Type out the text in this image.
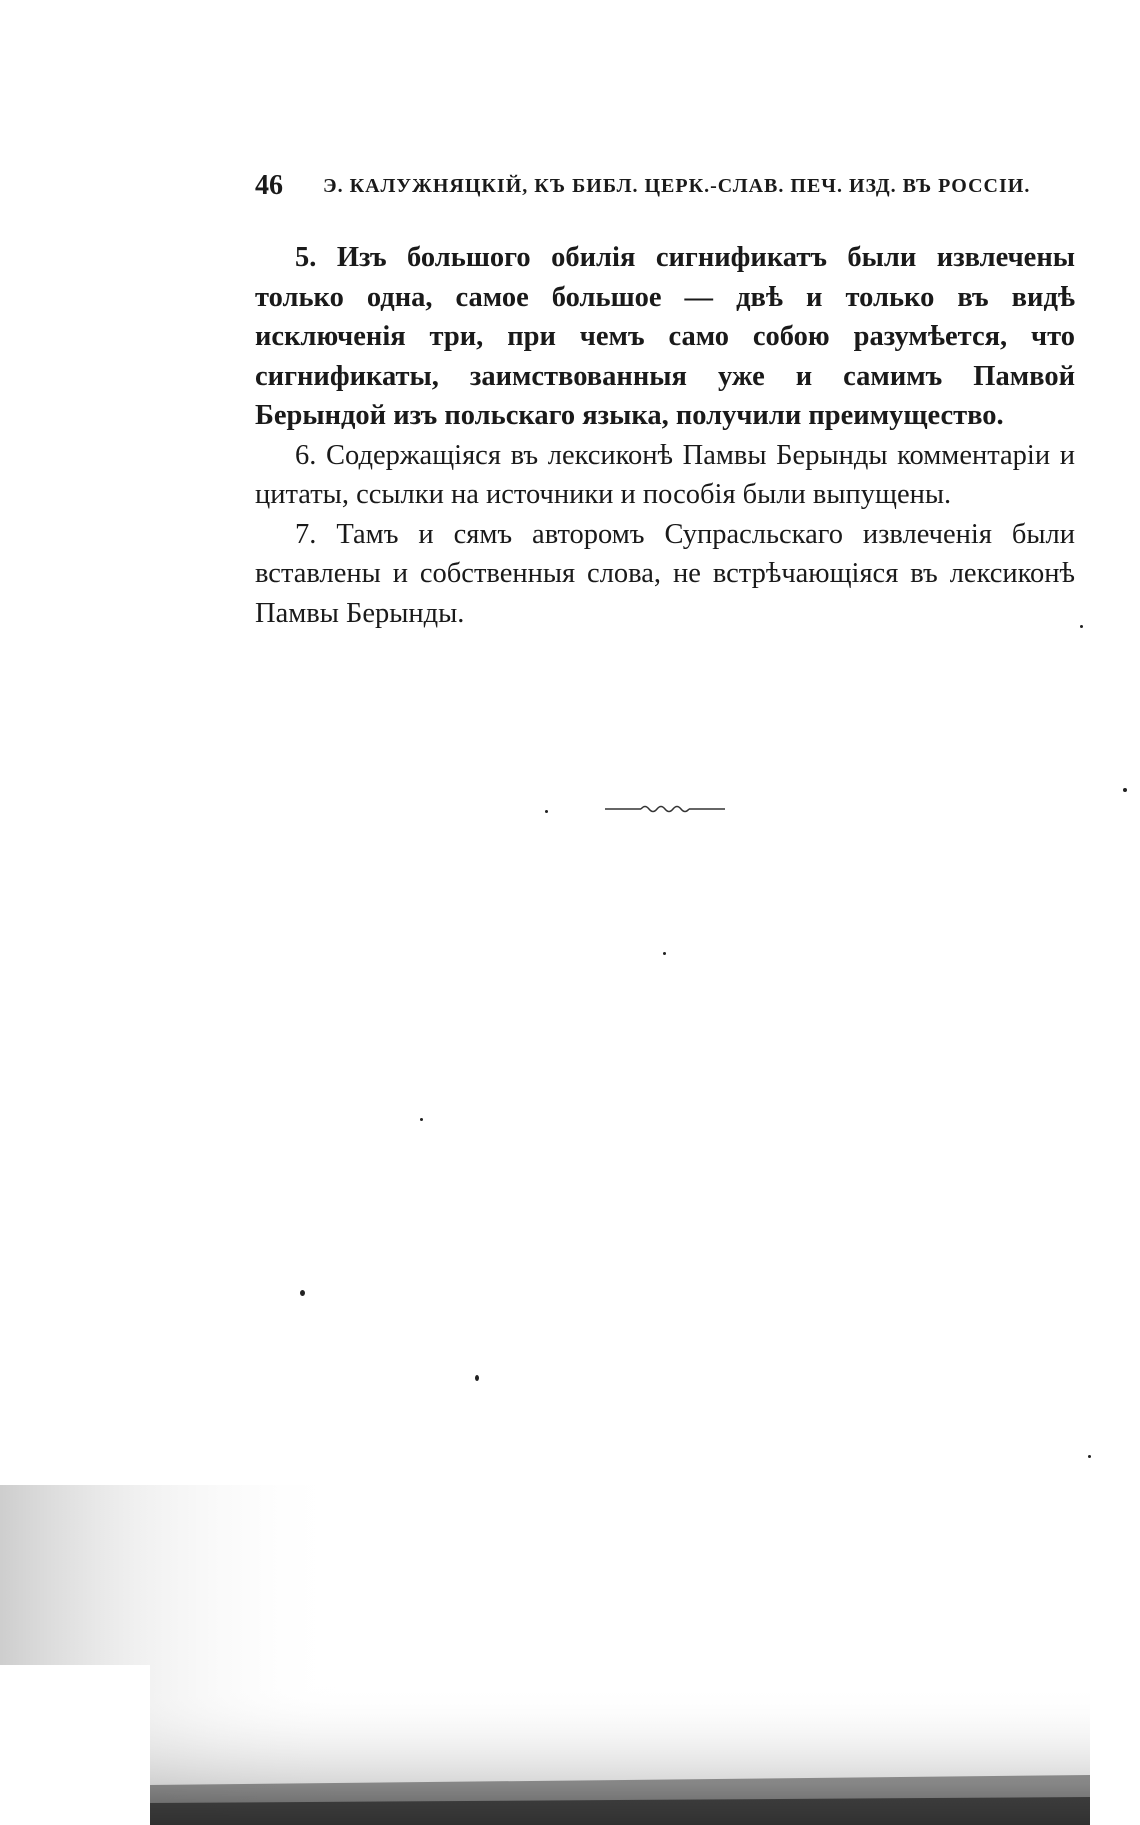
46 Э. КАЛУЖНЯЦКІЙ, КЪ БИБЛ. ЦЕРК.-СЛАВ. ПЕЧ. ИЗД. ВЪ РОССІИ.

5. Изъ большого обилія сигнификатъ были извлечены только одна, самое большое — двѣ и только въ видѣ исключенія три, при чемъ само собою разумѣется, что сигнификаты, заимствованныя уже и самимъ Памвой Берындой изъ польскаго языка, получили преимущество.

6. Содержащіяся въ лексиконѣ Памвы Берынды комментаріи и цитаты, ссылки на источники и пособія были выпущены.

7. Тамъ и сямъ авторомъ Супрасльскаго извлеченія были вставлены и собственныя слова, не встрѣчающіяся въ лексиконѣ Памвы Берынды.
